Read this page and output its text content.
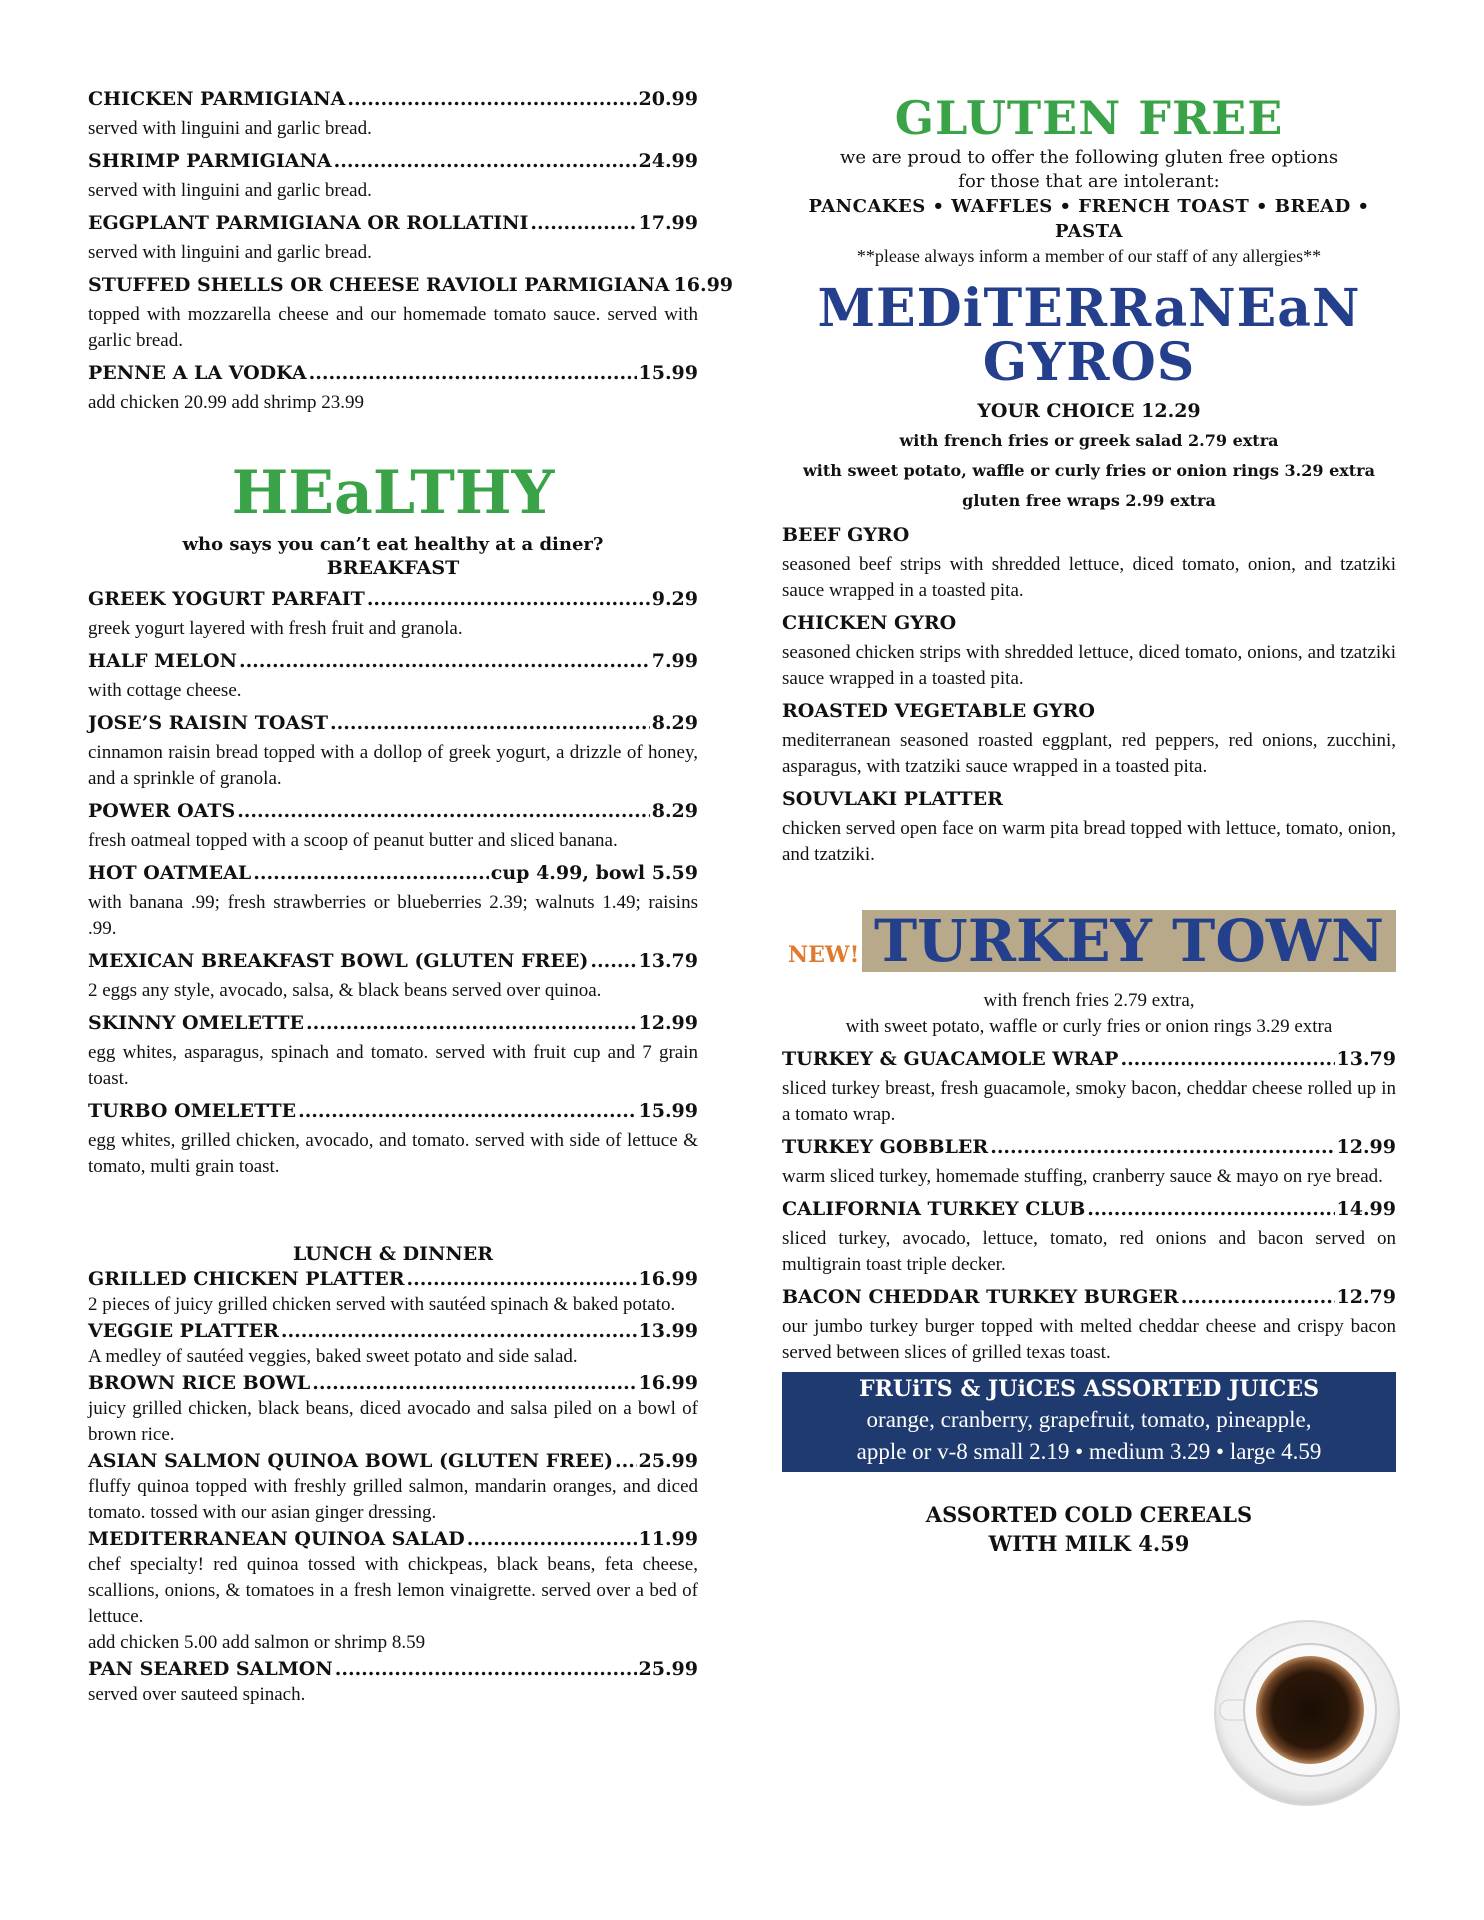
CHICKEN PARMIGIANA .....	20.99
served with linguini and garlic bread.
SHRIMP PARMIGIANA .....	24.99
served with linguini and garlic bread.
EGGPLANT PARMIGIANA OR ROLLATINI .....	17.99
served with linguini and garlic bread.
STUFFED SHELLS OR CHEESE RAVIOLI PARMIGIANA 16.99
topped with mozzarella cheese and our homemade tomato sauce. served with garlic bread.
PENNE A LA VODKA .....	15.99
add chicken 20.99 add shrimp 23.99
HEaLTHY
who says you can’t eat healthy at a diner?
BREAKFAST
GREEK YOGURT PARFAIT .....	9.29
greek yogurt layered with fresh fruit and granola.
HALF MELON .....	7.99
with cottage cheese.
JOSE’S RAISIN TOAST .....	8.29
cinnamon raisin bread topped with a dollop of greek yogurt, a drizzle of honey, and a sprinkle of granola.
POWER OATS .....	8.29
fresh oatmeal topped with a scoop of peanut butter and sliced banana.
HOT OATMEAL .....	cup 4.99, bowl 5.59
with banana .99; fresh strawberries or blueberries 2.39; walnuts 1.49; raisins .99.
MEXICAN BREAKFAST BOWL (GLUTEN FREE) .....	13.79
2 eggs any style, avocado, salsa, & black beans served over quinoa.
SKINNY OMELETTE .....	12.99
egg whites, asparagus, spinach and tomato. served with fruit cup and 7 grain toast.
TURBO OMELETTE .....	15.99
egg whites, grilled chicken, avocado, and tomato. served with side of lettuce & tomato, multi grain toast.
LUNCH & DINNER
GRILLED CHICKEN PLATTER .....	16.99
2 pieces of juicy grilled chicken served with sautéed spinach & baked potato.
VEGGIE PLATTER .....	13.99
A medley of sautéed veggies, baked sweet potato and side salad.
BROWN RICE BOWL .....	16.99
juicy grilled chicken, black beans, diced avocado and salsa piled on a bowl of brown rice.
ASIAN SALMON QUINOA BOWL (GLUTEN FREE) ..... 25.99
fluffy quinoa topped with freshly grilled salmon, mandarin oranges, and diced tomato. tossed with our asian ginger dressing.
MEDITERRANEAN QUINOA SALAD .....	11.99
chef specialty! red quinoa tossed with chickpeas, black beans, feta cheese, scallions, onions, & tomatoes in a fresh lemon vinaigrette. served over a bed of lettuce.
add chicken 5.00 add salmon or shrimp 8.59
PAN SEARED SALMON .....	25.99
served over sauteed spinach.
GLUTEN FREE
we are proud to offer the following gluten free options
for those that are intolerant:
PANCAKES • WAFFLES • FRENCH TOAST • BREAD • PASTA
**please always inform a member of our staff of any allergies**
MEDiTERRaNEaN
GYROS
YOUR CHOICE 12.29
with french fries or greek salad 2.79 extra
with sweet potato, waffle or curly fries or onion rings 3.29 extra
gluten free wraps 2.99 extra
BEEF GYRO
seasoned beef strips with shredded lettuce, diced tomato, onion, and tzatziki sauce wrapped in a toasted pita.
CHICKEN GYRO
seasoned chicken strips with shredded lettuce, diced tomato, onions, and tzatziki sauce wrapped in a toasted pita.
ROASTED VEGETABLE GYRO
mediterranean seasoned roasted eggplant, red peppers, red onions, zucchini, asparagus, with tzatziki sauce wrapped in a toasted pita.
SOUVLAKI PLATTER
chicken served open face on warm pita bread topped with lettuce, tomato, onion, and tzatziki.
TURKEY TOWN
NEW!
with french fries 2.79 extra,
with sweet potato, waffle or curly fries or onion rings 3.29 extra
TURKEY & GUACAMOLE WRAP .....	13.79
sliced turkey breast, fresh guacamole, smoky bacon, cheddar cheese rolled up in a tomato wrap.
TURKEY GOBBLER .....	12.99
warm sliced turkey, homemade stuffing, cranberry sauce & mayo on rye bread.
CALIFORNIA TURKEY CLUB .....	14.99
sliced turkey, avocado, lettuce, tomato, red onions and bacon served on multigrain toast triple decker.
BACON CHEDDAR TURKEY BURGER .....	12.79
our jumbo turkey burger topped with melted cheddar cheese and crispy bacon served between slices of grilled texas toast.
FRUiTS & JUiCES ASSORTED JUICES
orange, cranberry, grapefruit, tomato, pineapple,
apple or v-8 small 2.19 • medium 3.29 • large 4.59
ASSORTED COLD CEREALS
WITH MILK 4.59
